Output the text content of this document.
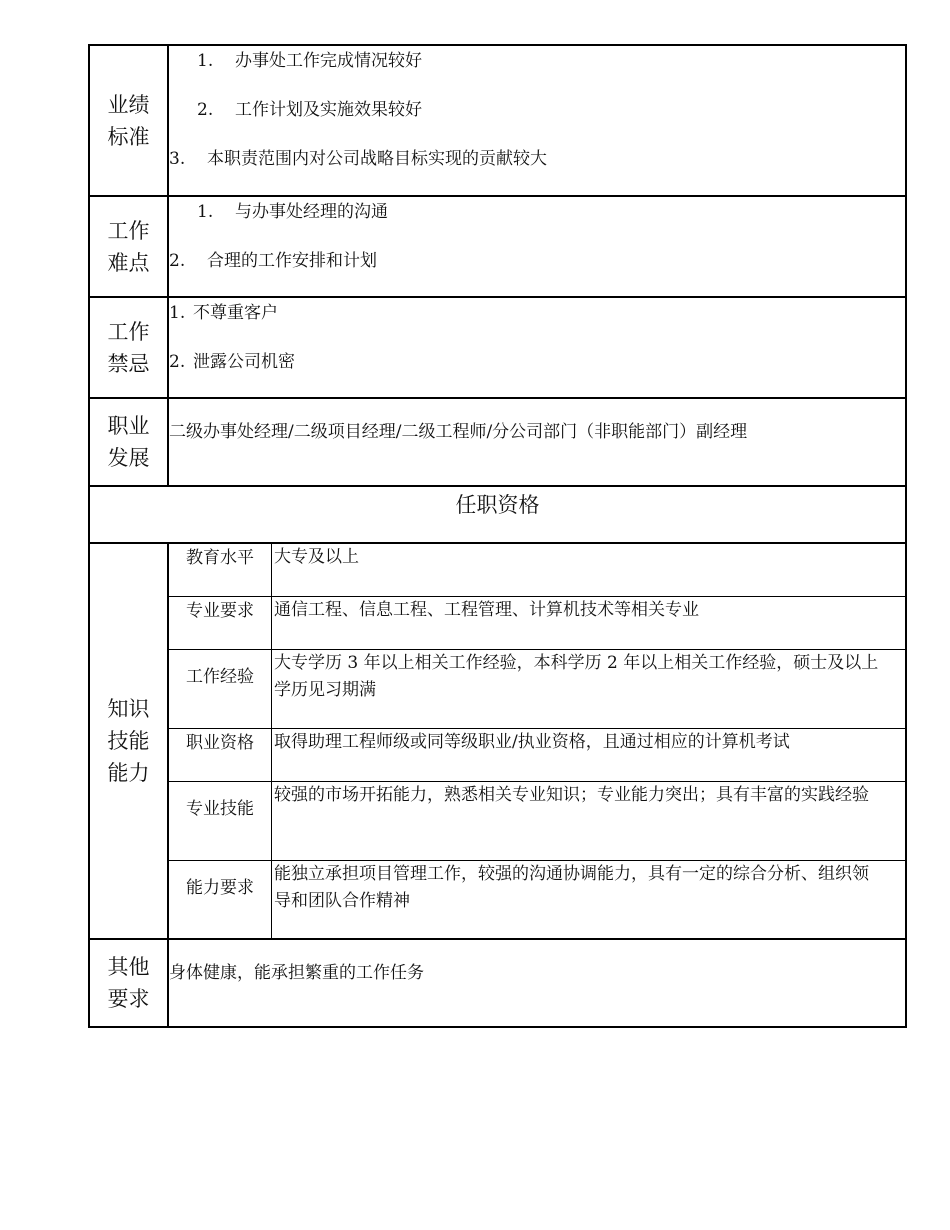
业绩
标准

1. 办事处工作完成情况较好
2. 工作计划及实施效果较好
3. 本职责范围内对公司战略目标实现的贡献较大

工作
难点

1. 与办事处经理的沟通
2. 合理的工作安排和计划

工作
禁忌

1. 不尊重客户
2. 泄露公司机密

职业
发展

二级办事处经理/二级项目经理/二级工程师/分公司部门（非职能部门）副经理

任职资格

知识
技能
能力

教育水平	大专及以上
专业要求	通信工程、信息工程、工程管理、计算机技术等相关专业
工作经验	大专学历 3 年以上相关工作经验，本科学历 2 年以上相关工作经验，硕士及以上学历见习期满
职业资格	取得助理工程师级或同等级职业/执业资格，且通过相应的计算机考试
专业技能	较强的市场开拓能力，熟悉相关专业知识；专业能力突出；具有丰富的实践经验
能力要求	能独立承担项目管理工作，较强的沟通协调能力，具有一定的综合分析、组织领导和团队合作精神

其他
要求

身体健康，能承担繁重的工作任务
